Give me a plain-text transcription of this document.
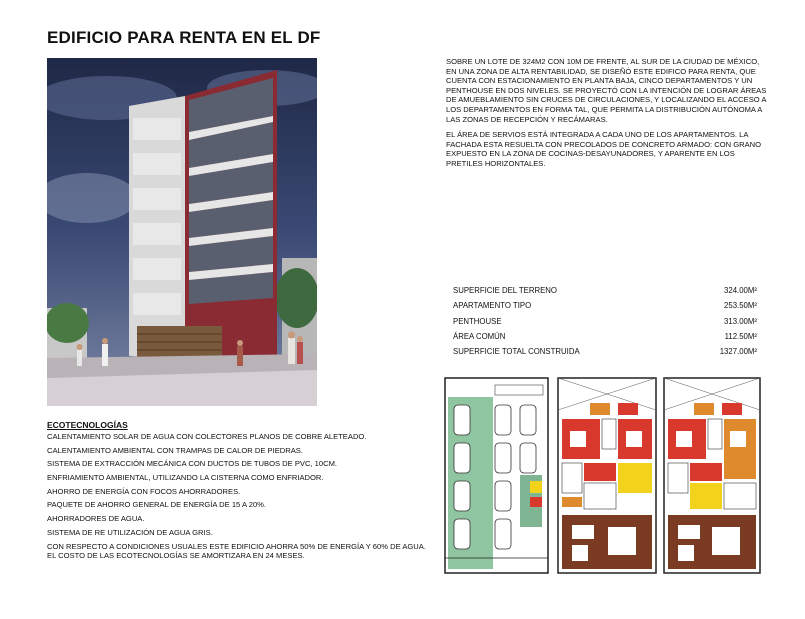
EDIFICIO PARA RENTA EN EL DF

SOBRE UN LOTE DE 324M2 CON 10M DE FRENTE, AL SUR DE LA CIUDAD DE MÉXICO, EN UNA ZONA DE ALTA RENTABILIDAD, SE DISEÑÓ ESTE EDIFICO PARA RENTA, QUE CUENTA CON ESTACIONAMIENTO EN PLANTA BAJA, CINCO DEPARTAMENTOS Y UN PENTHOUSE EN DOS NIVELES. SE PROYECTÓ CON LA INTENCIÓN DE LOGRAR ÁREAS DE AMUEBLAMIENTO SIN CRUCES DE CIRCULACIONES, Y LOCALIZANDO EL ACCESO A LOS DEPARTAMENTOS EN FORMA TAL, QUE PERMITA LA DISTRIBUCIÓN AUTÓNOMA A LAS ZONAS DE RECEPCIÓN Y RECÁMARAS.

EL ÁREA DE SERVIOS ESTÁ INTEGRADA A CADA UNO DE LOS APARTAMENTOS. LA FACHADA ESTA RESUELTA CON PRECOLADOS DE CONCRETO ARMADO: CON GRANO EXPUESTO EN LA ZONA DE COCINAS-DESAYUNADORES, Y APARENTE EN LOS PRETILES HORIZONTALES.

SUPERFICIE DEL TERRENO	324.00M²
APARTAMENTO TIPO	253.50M²
PENTHOUSE	313.00M²
ÁREA COMÚN	112.50M²
SUPERFICIE TOTAL CONSTRUIDA	1327.00M²
ECOTECNOLOGÍAS
CALENTAMIENTO SOLAR DE AGUA CON COLECTORES PLANOS DE COBRE ALETEADO.
CALENTAMIENTO AMBIENTAL CON TRAMPAS DE CALOR DE PIEDRAS.
SISTEMA DE EXTRACCIÓN MECÁNICA CON DUCTOS DE TUBOS DE PVC, 10CM.
ENFRIAMIENTO AMBIENTAL, UTILIZANDO LA CISTERNA COMO ENFRIADOR.
AHORRO DE ENERGÍA CON FOCOS AHORRADORES.
PAQUETE DE AHORRO GENERAL DE ENERGÍA DE 15 A 20%.
AHORRADORES DE AGUA.
SISTEMA DE RE UTILIZACIÓN DE AGUA GRIS.
CON RESPECTO A CONDICIONES USUALES ESTE EDIFICIO AHORRA 50% DE ENERGÍA Y 60% DE AGUA. EL COSTO DE LAS ECOTECNOLOGÍAS SE AMORTIZARA EN 24 MESES.
